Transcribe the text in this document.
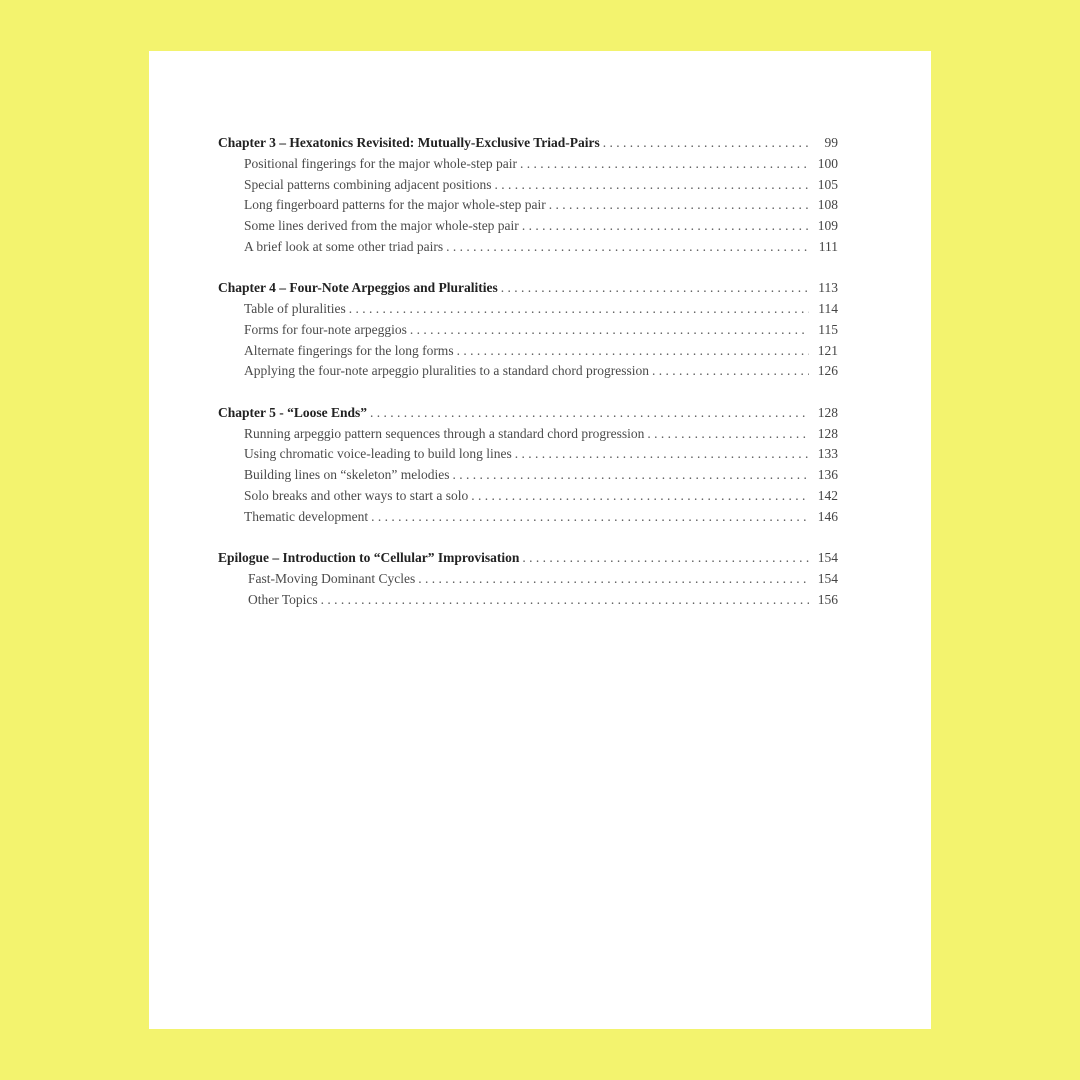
Chapter 3 – Hexatonics Revisited: Mutually-Exclusive Triad-Pairs . . .	99
Positional fingerings for the major whole-step pair . . .	100
Special patterns combining adjacent positions . . .	105
Long fingerboard patterns for the major whole-step pair . . .	108
Some lines derived from the major whole-step pair . . .	109
A brief look at some other triad pairs . . .	111
Chapter 4 – Four-Note Arpeggios and Pluralities . . .	113
Table of pluralities . . .	114
Forms for four-note arpeggios . . .	115
Alternate fingerings for the long forms . . .	121
Applying the four-note arpeggio pluralities to a standard chord progression . . .	126
Chapter 5 - “Loose Ends” . . .	128
Running arpeggio pattern sequences through a standard chord progression . . .	128
Using chromatic voice-leading to build long lines . . .	133
Building lines on “skeleton” melodies . . .	136
Solo breaks and other ways to start a solo . . .	142
Thematic development . . .	146
Epilogue – Introduction to “Cellular” Improvisation . . .	154
Fast-Moving Dominant Cycles . . .	154
Other Topics . . .	156
